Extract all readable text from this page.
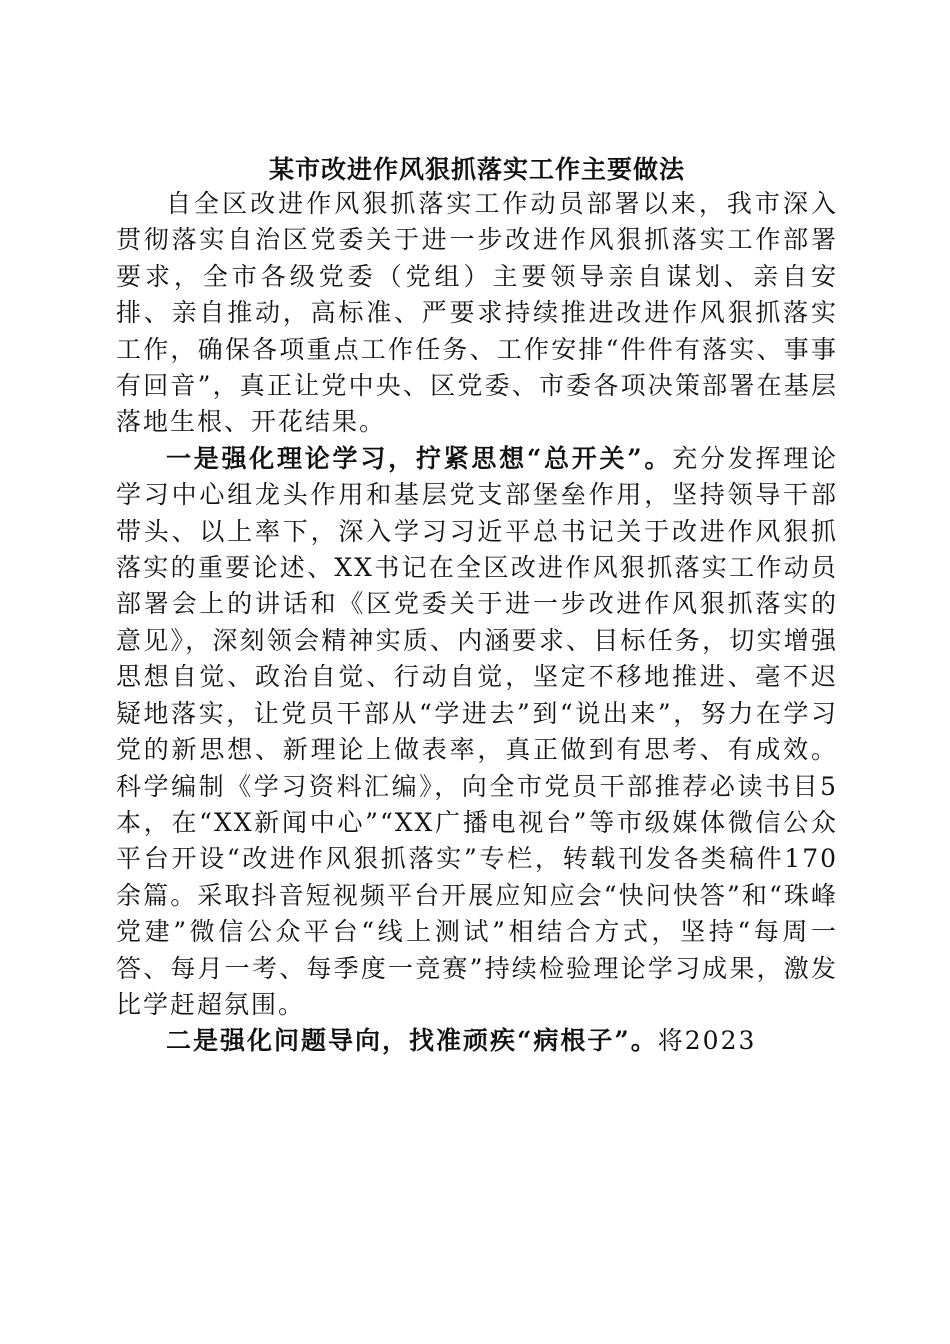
某市改进作风狠抓落实工作主要做法

自全区改进作风狠抓落实工作动员部署以来，我市深入贯彻落实自治区党委关于进一步改进作风狠抓落实工作部署要求，全市各级党委（党组）主要领导亲自谋划、亲自安排、亲自推动，高标准、严要求持续推进改进作风狠抓落实工作，确保各项重点工作任务、工作安排“件件有落实、事事有回音”，真正让党中央、区党委、市委各项决策部署在基层落地生根、开花结果。

一是强化理论学习，拧紧思想“总开关”。充分发挥理论学习中心组龙头作用和基层党支部堡垒作用，坚持领导干部带头、以上率下，深入学习习近平总书记关于改进作风狠抓落实的重要论述、XX书记在全区改进作风狠抓落实工作动员部署会上的讲话和《区党委关于进一步改进作风狠抓落实的意见》，深刻领会精神实质、内涵要求、目标任务，切实增强思想自觉、政治自觉、行动自觉，坚定不移地推进、毫不迟疑地落实，让党员干部从“学进去”到“说出来”，努力在学习党的新思想、新理论上做表率，真正做到有思考、有成效。科学编制《学习资料汇编》，向全市党员干部推荐必读书目5本，在“XX新闻中心”“XX广播电视台”等市级媒体微信公众平台开设“改进作风狠抓落实”专栏，转载刊发各类稿件170余篇。采取抖音短视频平台开展应知应会“快问快答”和“珠峰党建”微信公众平台“线上测试”相结合方式，坚持“每周一答、每月一考、每季度一竞赛”持续检验理论学习成果，激发比学赶超氛围。

二是强化问题导向，找准顽疾“病根子”。将2023
